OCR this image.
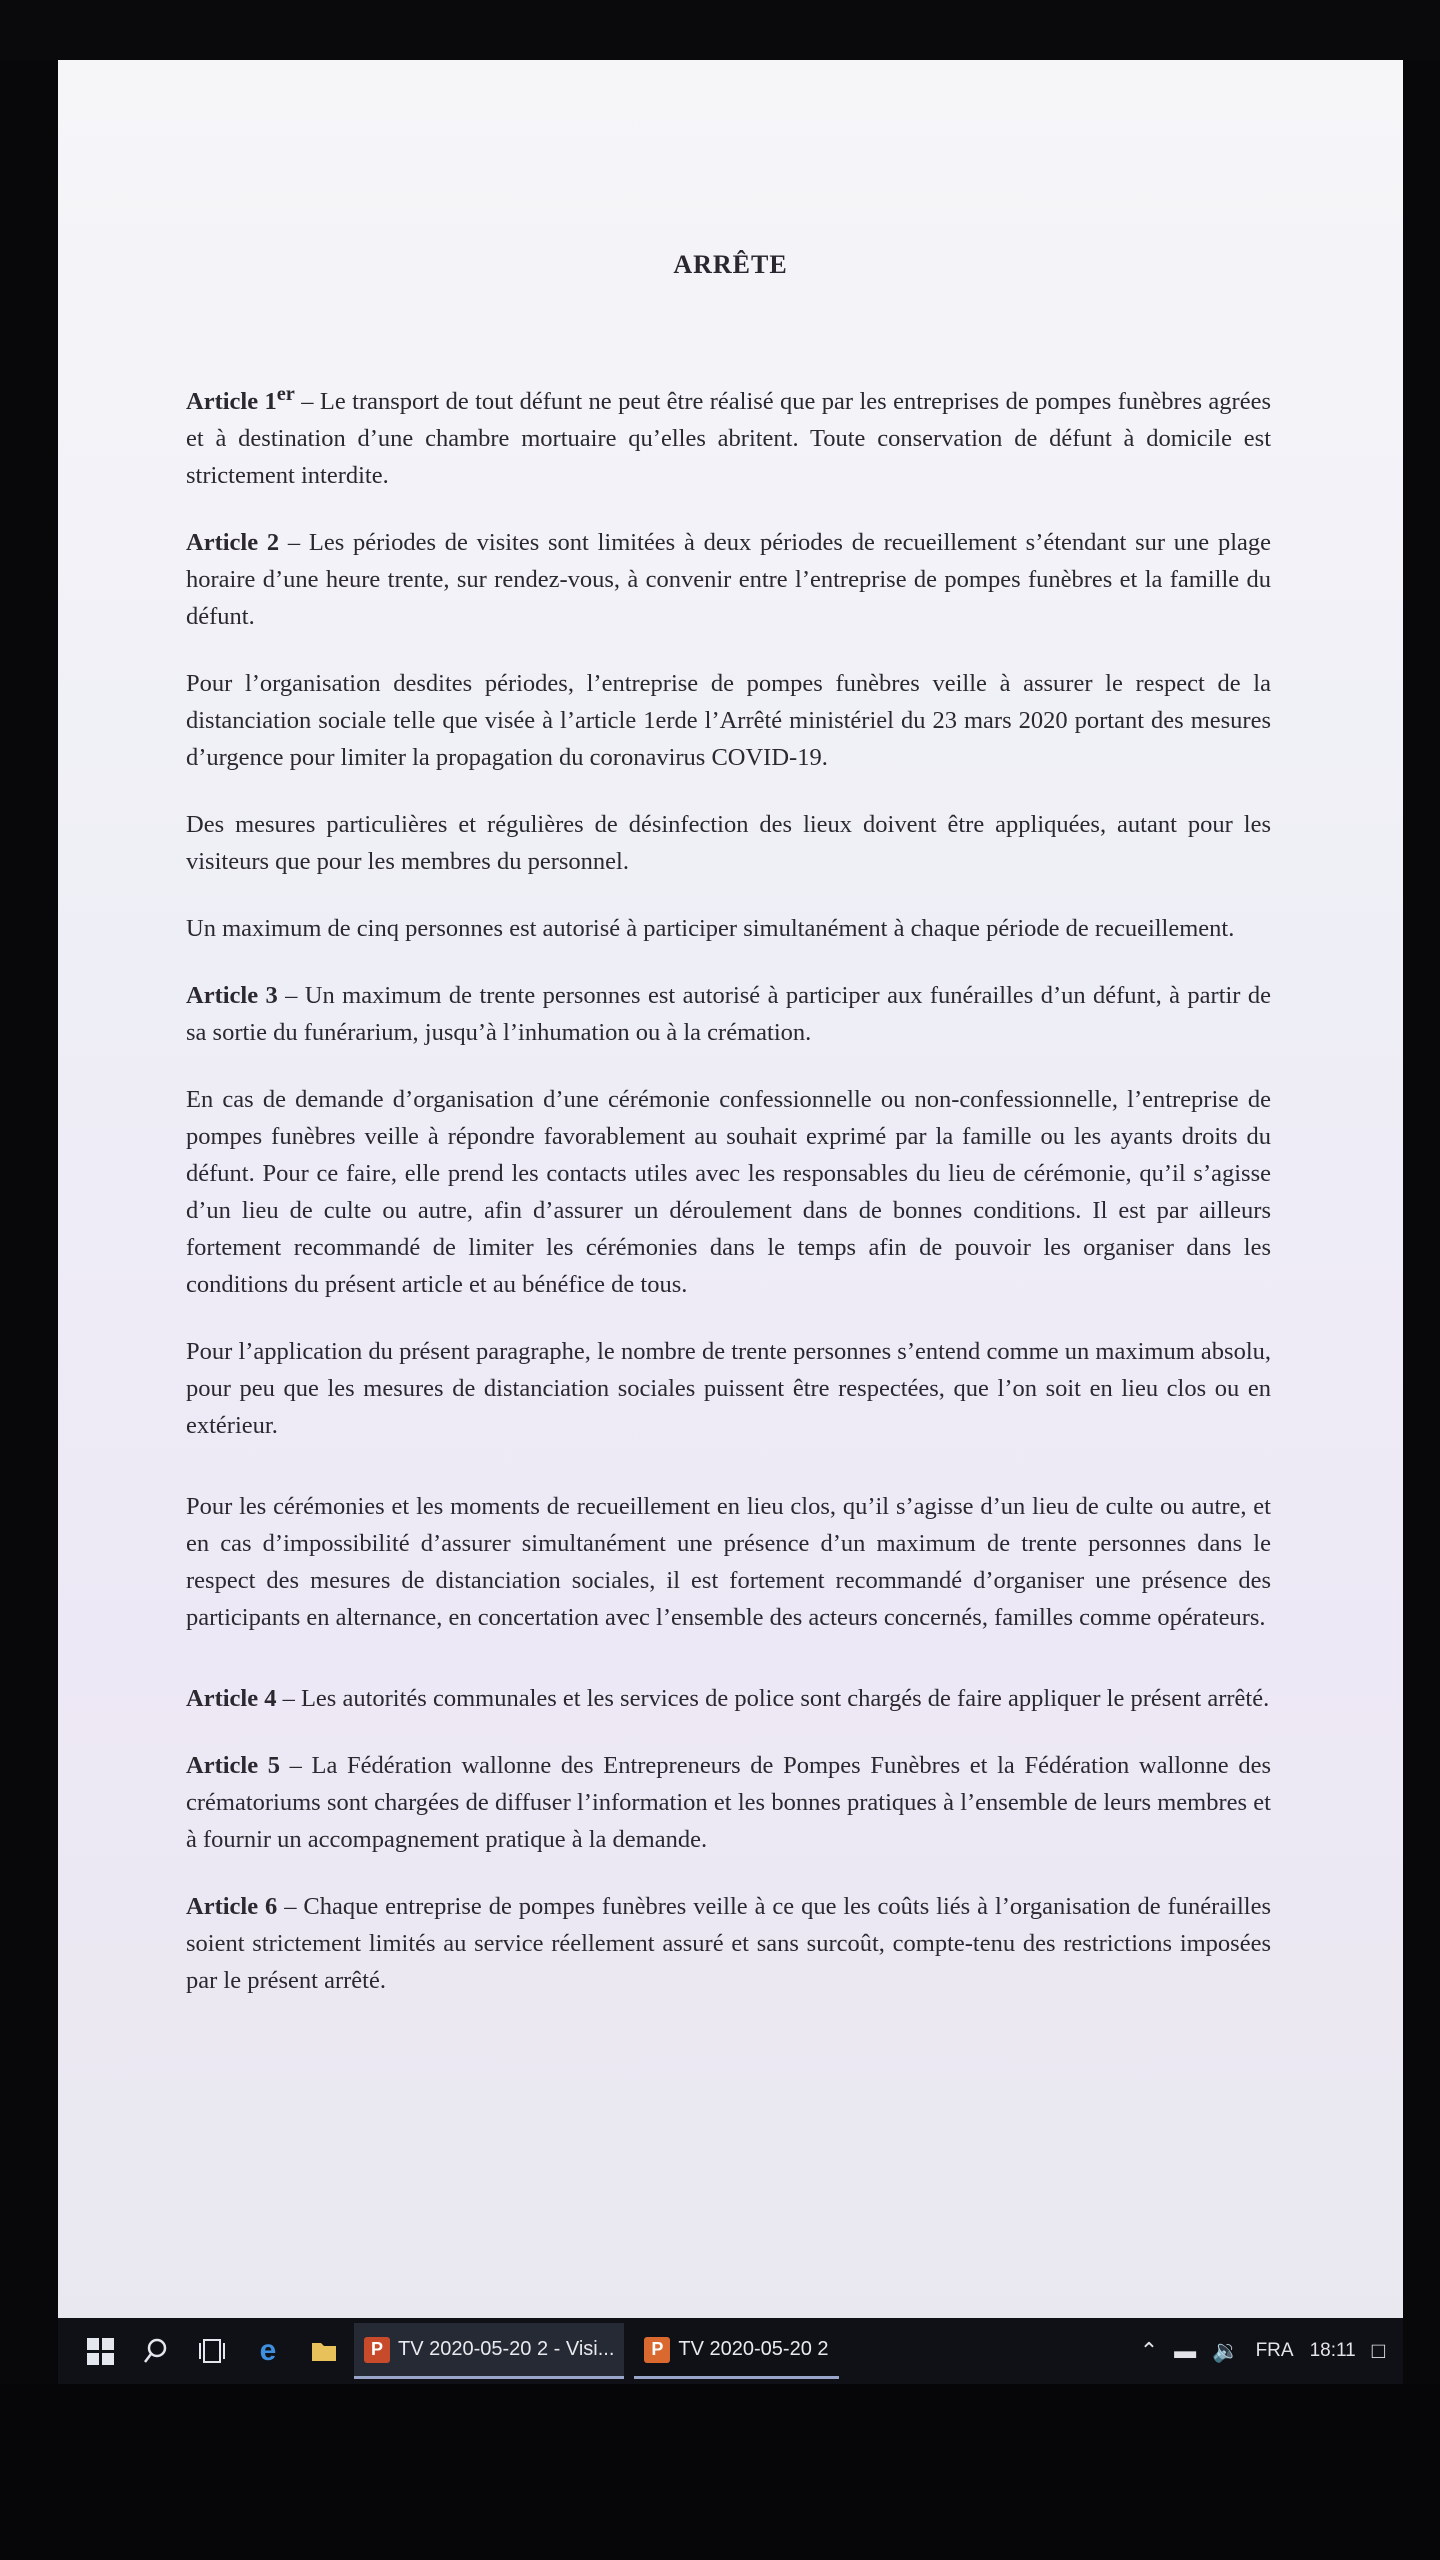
ARRÊTE

Article 1er – Le transport de tout défunt ne peut être réalisé que par les entreprises de pompes funèbres agrées et à destination d’une chambre mortuaire qu’elles abritent. Toute conservation de défunt à domicile est strictement interdite.

Article 2 – Les périodes de visites sont limitées à deux périodes de recueillement s’étendant sur une plage horaire d’une heure trente, sur rendez-vous, à convenir entre l’entreprise de pompes funèbres et la famille du défunt.

Pour l’organisation desdites périodes, l’entreprise de pompes funèbres veille à assurer le respect de la distanciation sociale telle que visée à l’article 1erde l’Arrêté ministériel du 23 mars 2020 portant des mesures d’urgence pour limiter la propagation du coronavirus COVID-19.

Des mesures particulières et régulières de désinfection des lieux doivent être appliquées, autant pour les visiteurs que pour les membres du personnel.

Un maximum de cinq personnes est autorisé à participer simultanément à chaque période de recueillement.

Article 3 – Un maximum de trente personnes est autorisé à participer aux funérailles d’un défunt, à partir de sa sortie du funérarium, jusqu’à l’inhumation ou à la crémation.

En cas de demande d’organisation d’une cérémonie confessionnelle ou non-confessionnelle, l’entreprise de pompes funèbres veille à répondre favorablement au souhait exprimé par la famille ou les ayants droits du défunt. Pour ce faire, elle prend les contacts utiles avec les responsables du lieu de cérémonie, qu’il s’agisse d’un lieu de culte ou autre, afin d’assurer un déroulement dans de bonnes conditions. Il est par ailleurs fortement recommandé de limiter les cérémonies dans le temps afin de pouvoir les organiser dans les conditions du présent article et au bénéfice de tous.

Pour l’application du présent paragraphe, le nombre de trente personnes s’entend comme un maximum absolu, pour peu que les mesures de distanciation sociales puissent être respectées, que l’on soit en lieu clos ou en extérieur.

Pour les cérémonies et les moments de recueillement en lieu clos, qu’il s’agisse d’un lieu de culte ou autre, et en cas d’impossibilité d’assurer simultanément une présence d’un maximum de trente personnes dans le respect des mesures de distanciation sociales, il est fortement recommandé d’organiser une présence des participants en alternance, en concertation avec l’ensemble des acteurs concernés, familles comme opérateurs.

Article 4 – Les autorités communales et les services de police sont chargés de faire appliquer le présent arrêté.

Article 5 – La Fédération wallonne des Entrepreneurs de Pompes Funèbres et la Fédération wallonne des crématoriums sont chargées de diffuser l’information et les bonnes pratiques à l’ensemble de leurs membres et à fournir un accompagnement pratique à la demande.

Article 6 – Chaque entreprise de pompes funèbres veille à ce que les coûts liés à l’organisation de funérailles soient strictement limités au service réellement assuré et sans surcoût, compte-tenu des restrictions imposées par le présent arrêté.

e	P TV 2020-05-20 2 - Visi...	P TV 2020-05-20 2	⌃ ▬ 🔉 FRA 18:11 □
